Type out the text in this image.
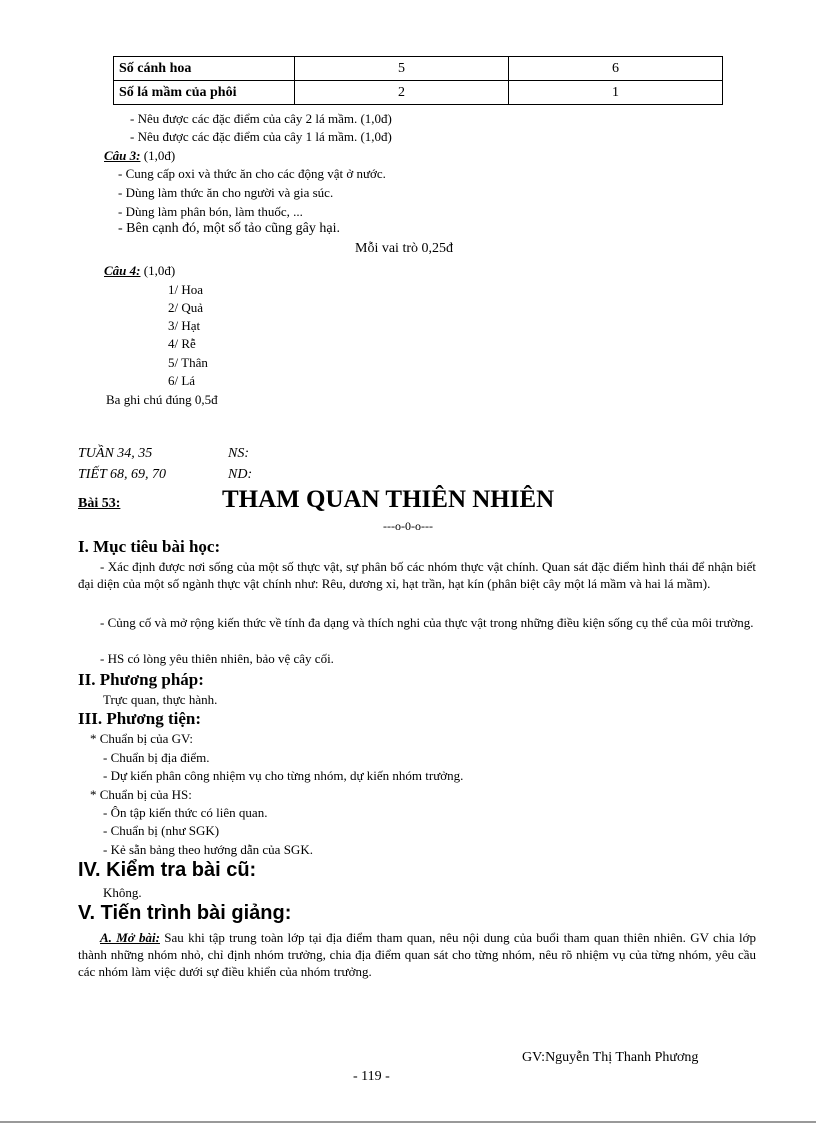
Số cánh hoa	5	6
Số lá mầm của phôi	2	1
- Nêu được các đặc điểm của cây 2 lá mầm. (1,0đ)
- Nêu được các đặc điểm của cây 1 lá mầm. (1,0đ)
Câu 3: (1,0đ)
- Cung cấp oxi và thức ăn cho các động vật ở nước.
- Dùng làm thức ăn cho người và gia súc.
- Dùng làm phân bón, làm thuốc, ...
- Bên cạnh đó, một số tảo cũng gây hại.
Mỗi vai trò 0,25đ
Câu 4: (1,0đ)
1/ Hoa
2/ Quả
3/ Hạt
4/ Rễ
5/ Thân
6/ Lá
Ba ghi chú đúng 0,5đ
TUẦN 34, 35	NS:
TIẾT 68, 69, 70	ND:
Bài 53:	THAM QUAN THIÊN NHIÊN
---o-0-o---
I. Mục tiêu bài học:
- Xác định được nơi sống của một số thực vật, sự phân bố các nhóm thực vật chính. Quan sát đặc điểm hình thái để nhận biết đại diện của một số ngành thực vật chính như: Rêu, dương xỉ, hạt trần, hạt kín (phân biệt cây một lá mầm và hai lá mầm).
- Củng cố và mở rộng kiến thức về tính đa dạng và thích nghi của thực vật trong những điều kiện sống cụ thể của môi trường.
- HS có lòng yêu thiên nhiên, bảo vệ cây cối.
II. Phương pháp:
Trực quan, thực hành.
III. Phương tiện:
* Chuẩn bị của GV:
- Chuẩn bị địa điểm.
- Dự kiến phân công nhiệm vụ cho từng nhóm, dự kiến nhóm trưởng.
* Chuẩn bị của HS:
- Ôn tập kiến thức có liên quan.
- Chuẩn bị (như SGK)
- Kẻ sẵn bảng theo hướng dẫn của SGK.
IV. Kiểm tra bài cũ:
Không.
V. Tiến trình bài giảng:
A. Mở bài: Sau khi tập trung toàn lớp tại địa điểm tham quan, nêu nội dung của buổi tham quan thiên nhiên. GV chia lớp thành những nhóm nhỏ, chỉ định nhóm trưởng, chia địa điểm quan sát cho từng nhóm, nêu rõ nhiệm vụ của từng nhóm, yêu cầu các nhóm làm việc dưới sự điều khiển của nhóm trưởng.
GV:Nguyễn Thị Thanh Phương
- 119 -
